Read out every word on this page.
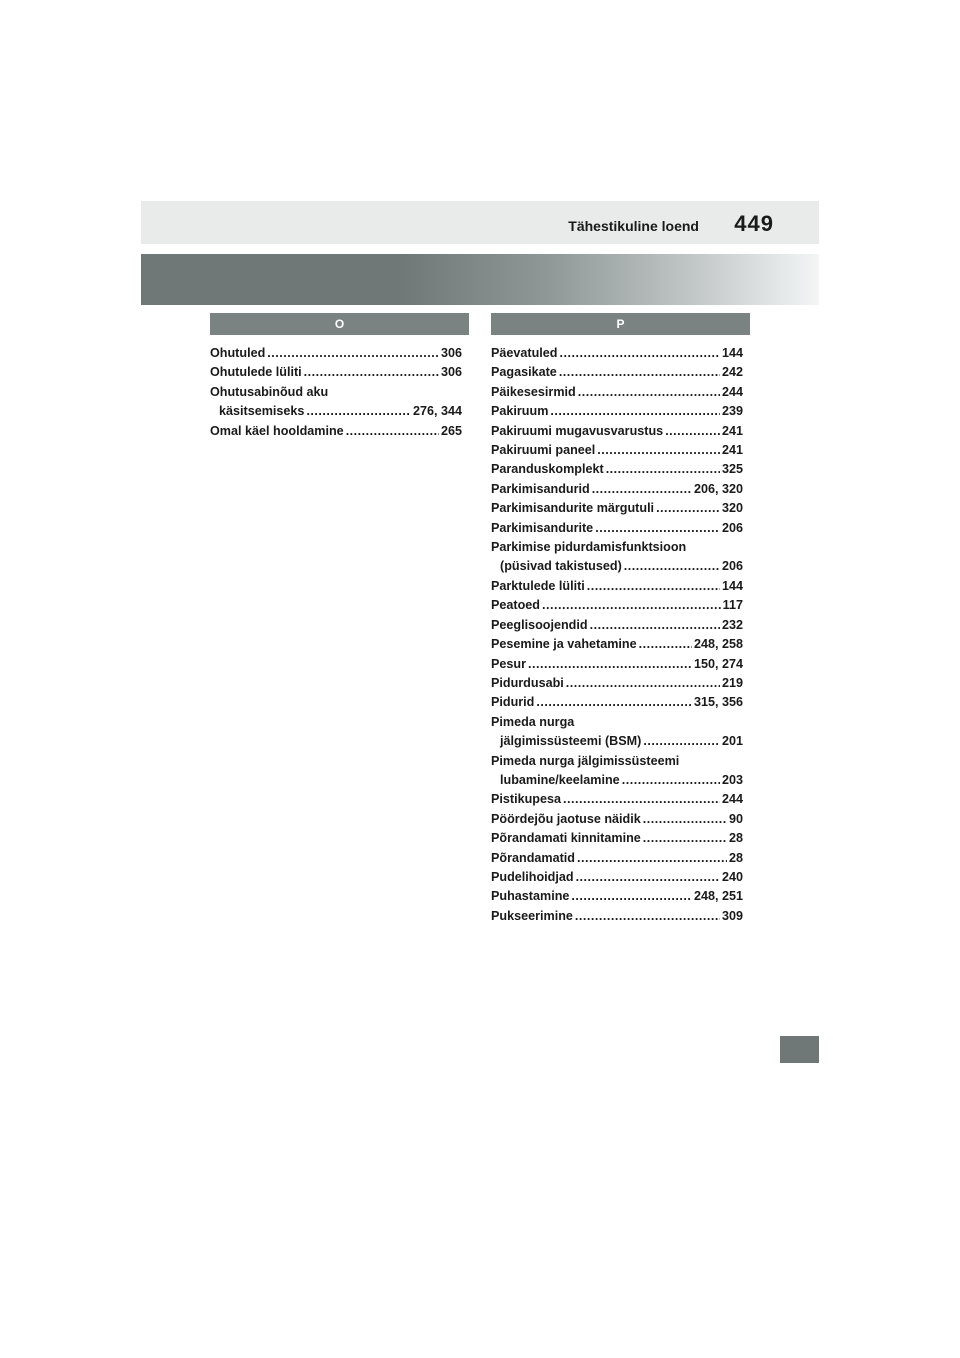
Tähestikuline loend 449
O
Ohutuled .....	306
Ohutulede lüliti .....	306
Ohutusabinõud aku
käsitsemiseks .....	276, 344
Omal käel hooldamine .....	265
P
Päevatuled .....	144
Pagasikate .....	242
Päikesesirmid .....	244
Pakiruum .....	239
Pakiruumi mugavusvarustus .....	241
Pakiruumi paneel .....	241
Paranduskomplekt .....	325
Parkimisandurid .....	206, 320
Parkimisandurite märgutuli .....	320
Parkimisandurite .....	206
Parkimise pidurdamisfunktsioon
(püsivad takistused) .....	206
Parktulede lüliti .....	144
Peatoed .....	117
Peeglisoojendid .....	232
Pesemine ja vahetamine .....	248, 258
Pesur .....	150, 274
Pidurdusabi .....	219
Pidurid .....	315, 356
Pimeda nurga
jälgimissüsteemi (BSM) .....	201
Pimeda nurga jälgimissüsteemi
lubamine/keelamine .....	203
Pistikupesa .....	244
Pöördejõu jaotuse näidik .....	90
Põrandamati kinnitamine .....	28
Põrandamatid .....	28
Pudelihoidjad .....	240
Puhastamine .....	248, 251
Pukseerimine .....	309
